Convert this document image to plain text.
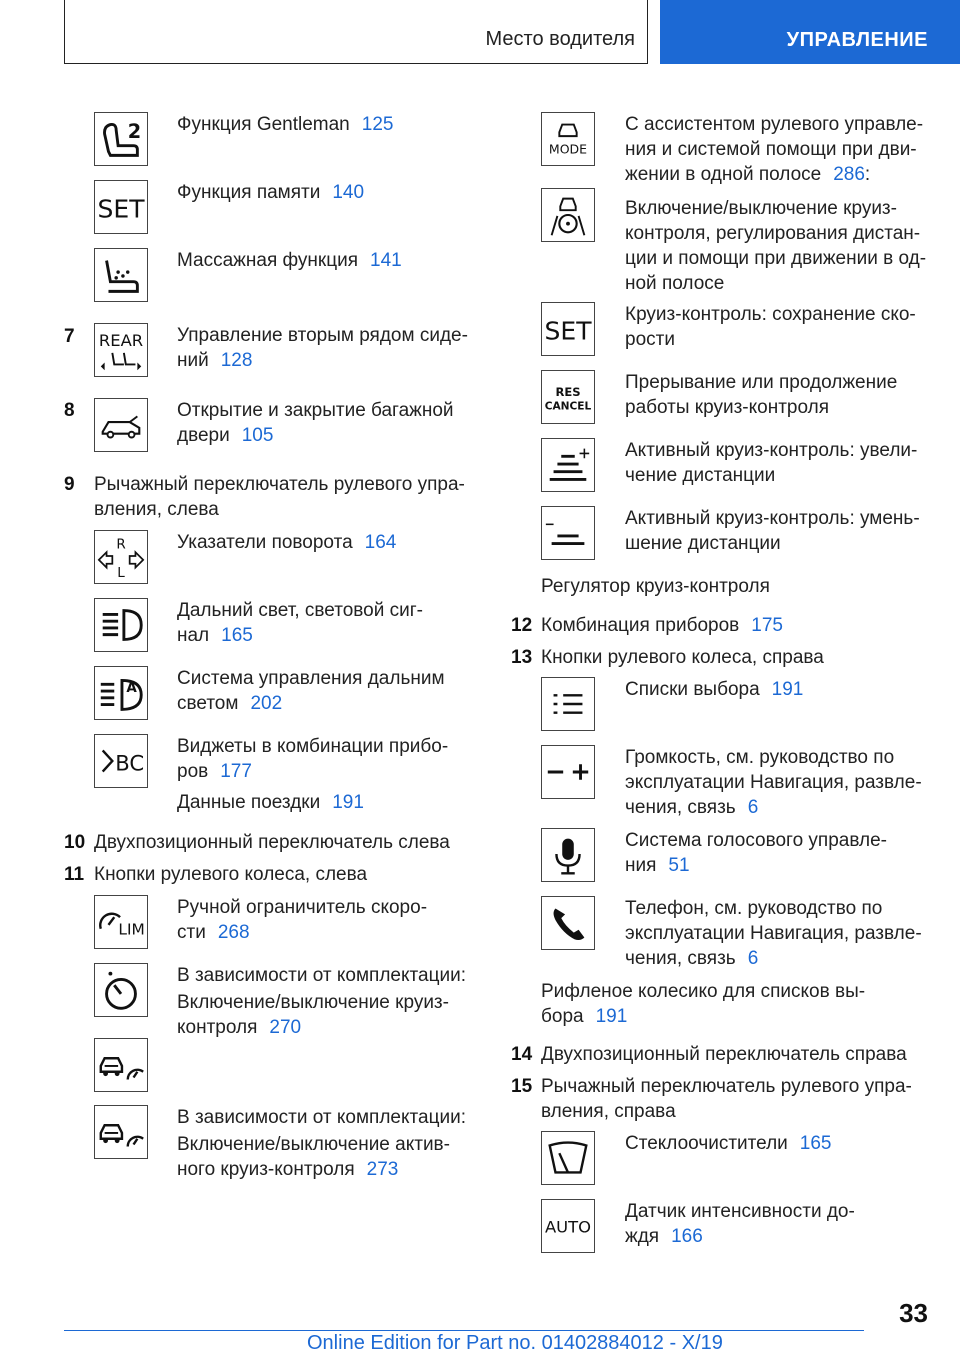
Место водителя	УПРАВЛЕНИЕ
2 Функция Gentleman 125
SET
Функция памяти 140
Массажная функция 141
7 REAR Управление вторым рядом сиде-
ний 128
8	Открытие и закрытие багажной
двери 105
9 Рычажный переключатель рулевого упра-
вления, слева
R
L
Указатели поворота 164
Дальний свет, световой сиг-
нал 165
A Система управления дальним
светом 202
BC
Виджеты в комбинации прибо-
ров 177
Данные поездки 191
10 Двухпозиционный переключатель слева
11 Кнопки рулевого колеса, слева
LIM
Ручной ограничитель скоро-
сти 268
В зависимости от комплектации:
Включение/выключение круиз-
контроля 270
В зависимости от комплектации:
Включение/выключение актив-
ного круиз-контроля 273
MODE
С ассистентом рулевого управле-
ния и системой помощи при дви-
жении в одной полосе 286:
Включение/выключение круиз-
контроля, регулирования дистан-
ции и помощи при движении в од-
ной полосе
SET
Круиз-контроль: сохранение ско-
рости
RES
CANCEL
Прерывание или продолжение
работы круиз-контроля
Активный круиз-контроль: увели-
чение дистанции
Активный круиз-контроль: умень-
шение дистанции
Регулятор круиз-контроля
12 Комбинация приборов 175
13 Кнопки рулевого колеса, справа
Списки выбора 191
Громкость, см. руководство по
эксплуатации Навигация, развле-
чения, связь 6
Система голосового управле-
ния 51
Телефон, см. руководство по
эксплуатации Навигация, развле-
чения, связь 6
Рифленое колесико для списков вы-
бора 191
14 Двухпозиционный переключатель справа
15 Рычажный переключатель рулевого упра-
вления, справа
Стеклоочистители 165
AUTO
Датчик интенсивности до-
ждя 166
33
Online Edition for Part no. 01402884012 - X/19
